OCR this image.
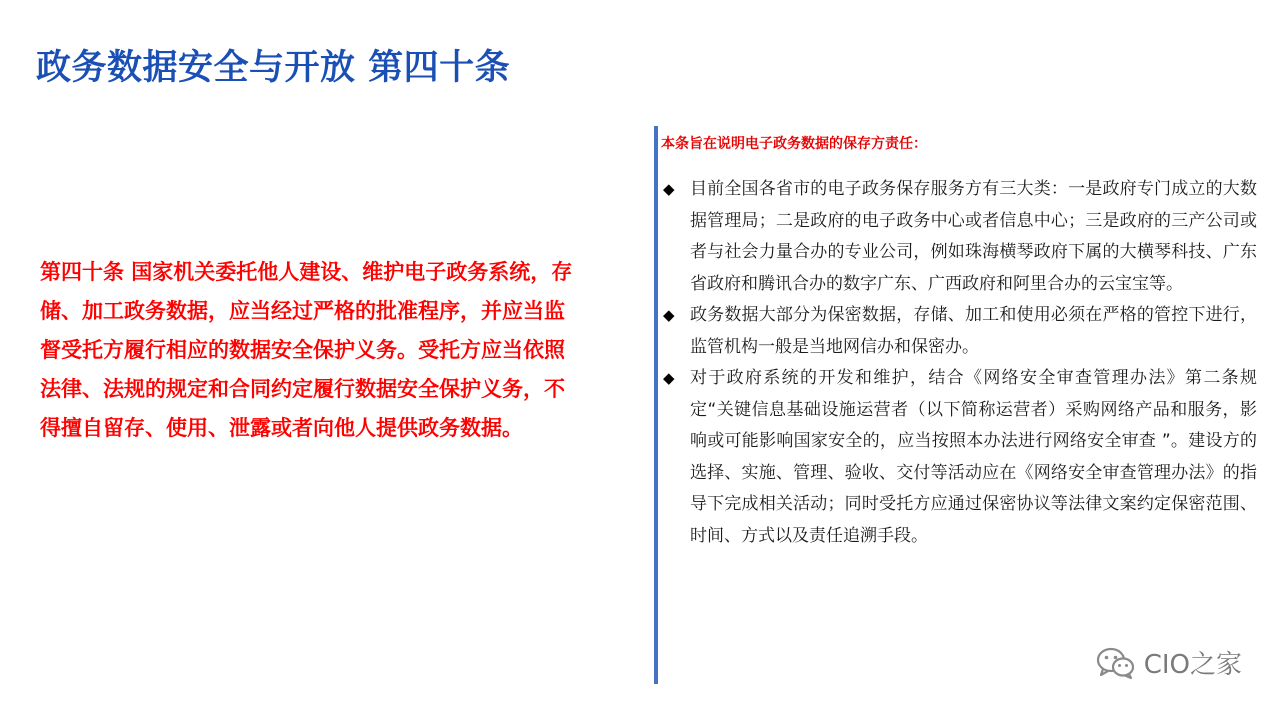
政务数据安全与开放 第四十条
第四十条 国家机关委托他人建设、维护电子政务系统，存储、加工政务数据，应当经过严格的批准程序，并应当监督受托方履行相应的数据安全保护义务。受托方应当依照法律、法规的规定和合同约定履行数据安全保护义务，不得擅自留存、使用、泄露或者向他人提供政务数据。
本条旨在说明电子政务数据的保存方责任：
◆ 目前全国各省市的电子政务保存服务方有三大类：一是政府专门成立的大数据管理局；二是政府的电子政务中心或者信息中心；三是政府的三产公司或者与社会力量合办的专业公司，例如珠海横琴政府下属的大横琴科技、广东省政府和腾讯合办的数字广东、广西政府和阿里合办的云宝宝等。
◆ 政务数据大部分为保密数据，存储、加工和使用必须在严格的管控下进行，监管机构一般是当地网信办和保密办。
◆ 对于政府系统的开发和维护，结合《网络安全审查管理办法》第二条规定“关键信息基础设施运营者（以下简称运营者）采购网络产品和服务，影响或可能影响国家安全的，应当按照本办法进行网络安全审查 ”。建设方的选择、实施、管理、验收、交付等活动应在《网络安全审查管理办法》的指导下完成相关活动；同时受托方应通过保密协议等法律文案约定保密范围、时间、方式以及责任追溯手段。
CIO之家
